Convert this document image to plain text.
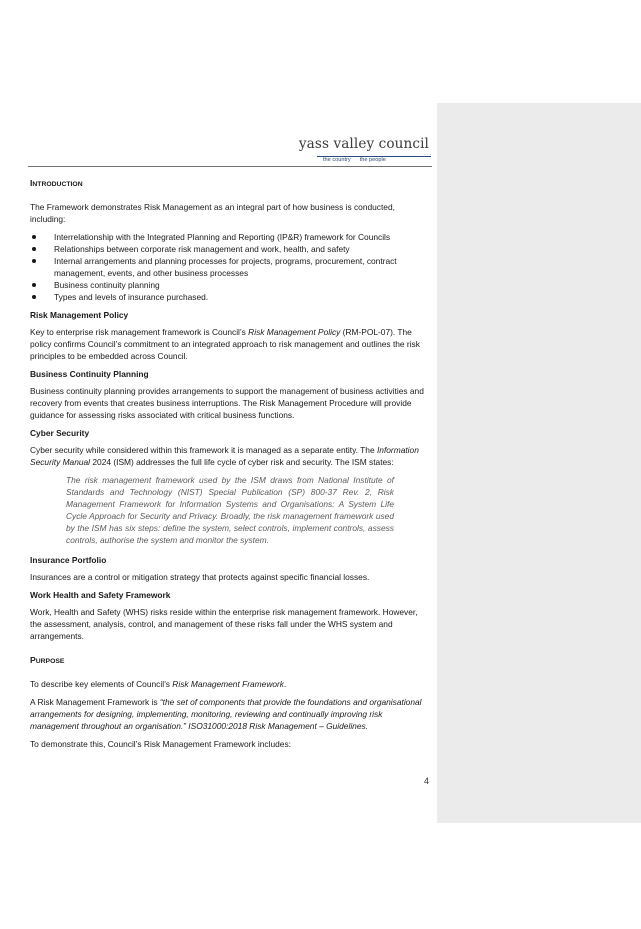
yass valley council
···
the country the people
INTRODUCTION

The Framework demonstrates Risk Management as an integral part of how business is conducted, including:

Interrelationship with the Integrated Planning and Reporting (IP&R) framework for Councils
Relationships between corporate risk management and work, health, and safety
Internal arrangements and planning processes for projects, programs, procurement, contract management, events, and other business processes
Business continuity planning
Types and levels of insurance purchased.
Risk Management Policy

Key to enterprise risk management framework is Council’s Risk Management Policy (RM-POL-07). The policy confirms Council’s commitment to an integrated approach to risk management and outlines the risk principles to be embedded across Council.

Business Continuity Planning

Business continuity planning provides arrangements to support the management of business activities and recovery from events that creates business interruptions. The Risk Management Procedure will provide guidance for assessing risks associated with critical business functions.

Cyber Security

Cyber security while considered within this framework it is managed as a separate entity. The Information Security Manual 2024 (ISM) addresses the full life cycle of cyber risk and security. The ISM states:

The risk management framework used by the ISM draws from National Institute of Standards and Technology (NIST) Special Publication (SP) 800-37 Rev. 2, Risk Management Framework for Information Systems and Organisations: A System Life Cycle Approach for Security and Privacy. Broadly, the risk management framework used by the ISM has six steps: define the system, select controls, implement controls, assess controls, authorise the system and monitor the system.
Insurance Portfolio

Insurances are a control or mitigation strategy that protects against specific financial losses.

Work Health and Safety Framework

Work, Health and Safety (WHS) risks reside within the enterprise risk management framework. However, the assessment, analysis, control, and management of these risks fall under the WHS system and arrangements.

PURPOSE

To describe key elements of Council’s Risk Management Framework.

A Risk Management Framework is “the set of components that provide the foundations and organisational arrangements for designing, implementing, monitoring, reviewing and continually improving risk management throughout an organisation.” ISO31000:2018 Risk Management – Guidelines.

To demonstrate this, Council’s Risk Management Framework includes:

4
